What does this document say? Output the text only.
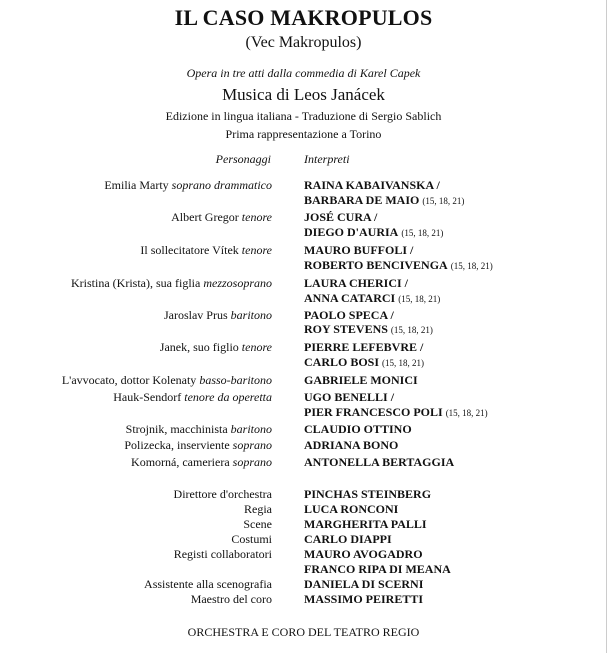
IL CASO MAKROPULOS
(Vec Makropulos)
Opera in tre atti dalla commedia di Karel Capek
Musica di Leos Janácek
Edizione in lingua italiana - Traduzione di Sergio Sablich
Prima rappresentazione a Torino
Personaggi	Interpreti
Emilia Marty soprano drammatico	RAINA KABAIVANSKA /
BARBARA DE MAIO (15, 18, 21)
Albert Gregor tenore	JOSÉ CURA /
DIEGO D'AURIA (15, 18, 21)
Il sollecitatore Vítek tenore	MAURO BUFFOLI /
ROBERTO BENCIVENGA (15, 18, 21)
Kristina (Krista), sua figlia mezzosoprano	LAURA CHERICI /
ANNA CATARCI (15, 18, 21)
Jaroslav Prus baritono	PAOLO SPECA /
ROY STEVENS (15, 18, 21)
Janek, suo figlio tenore	PIERRE LEFEBVRE /
CARLO BOSI (15, 18, 21)
L'avvocato, dottor Kolenaty basso-baritono	GABRIELE MONICI
Hauk-Sendorf tenore da operetta	UGO BENELLI /
PIER FRANCESCO POLI (15, 18, 21)
Strojnik, macchinista baritono	CLAUDIO OTTINO
Polizecka, inserviente soprano	ADRIANA BONO
Komorná, cameriera soprano	ANTONELLA BERTAGGIA
Direttore d'orchestra	PINCHAS STEINBERG
Regia	LUCA RONCONI
Scene	MARGHERITA PALLI
Costumi	CARLO DIAPPI
Registi collaboratori	MAURO AVOGADRO
FRANCO RIPA DI MEANA
Assistente alla scenografia	DANIELA DI SCERNI
Maestro del coro	MASSIMO PEIRETTI
ORCHESTRA E CORO DEL TEATRO REGIO
